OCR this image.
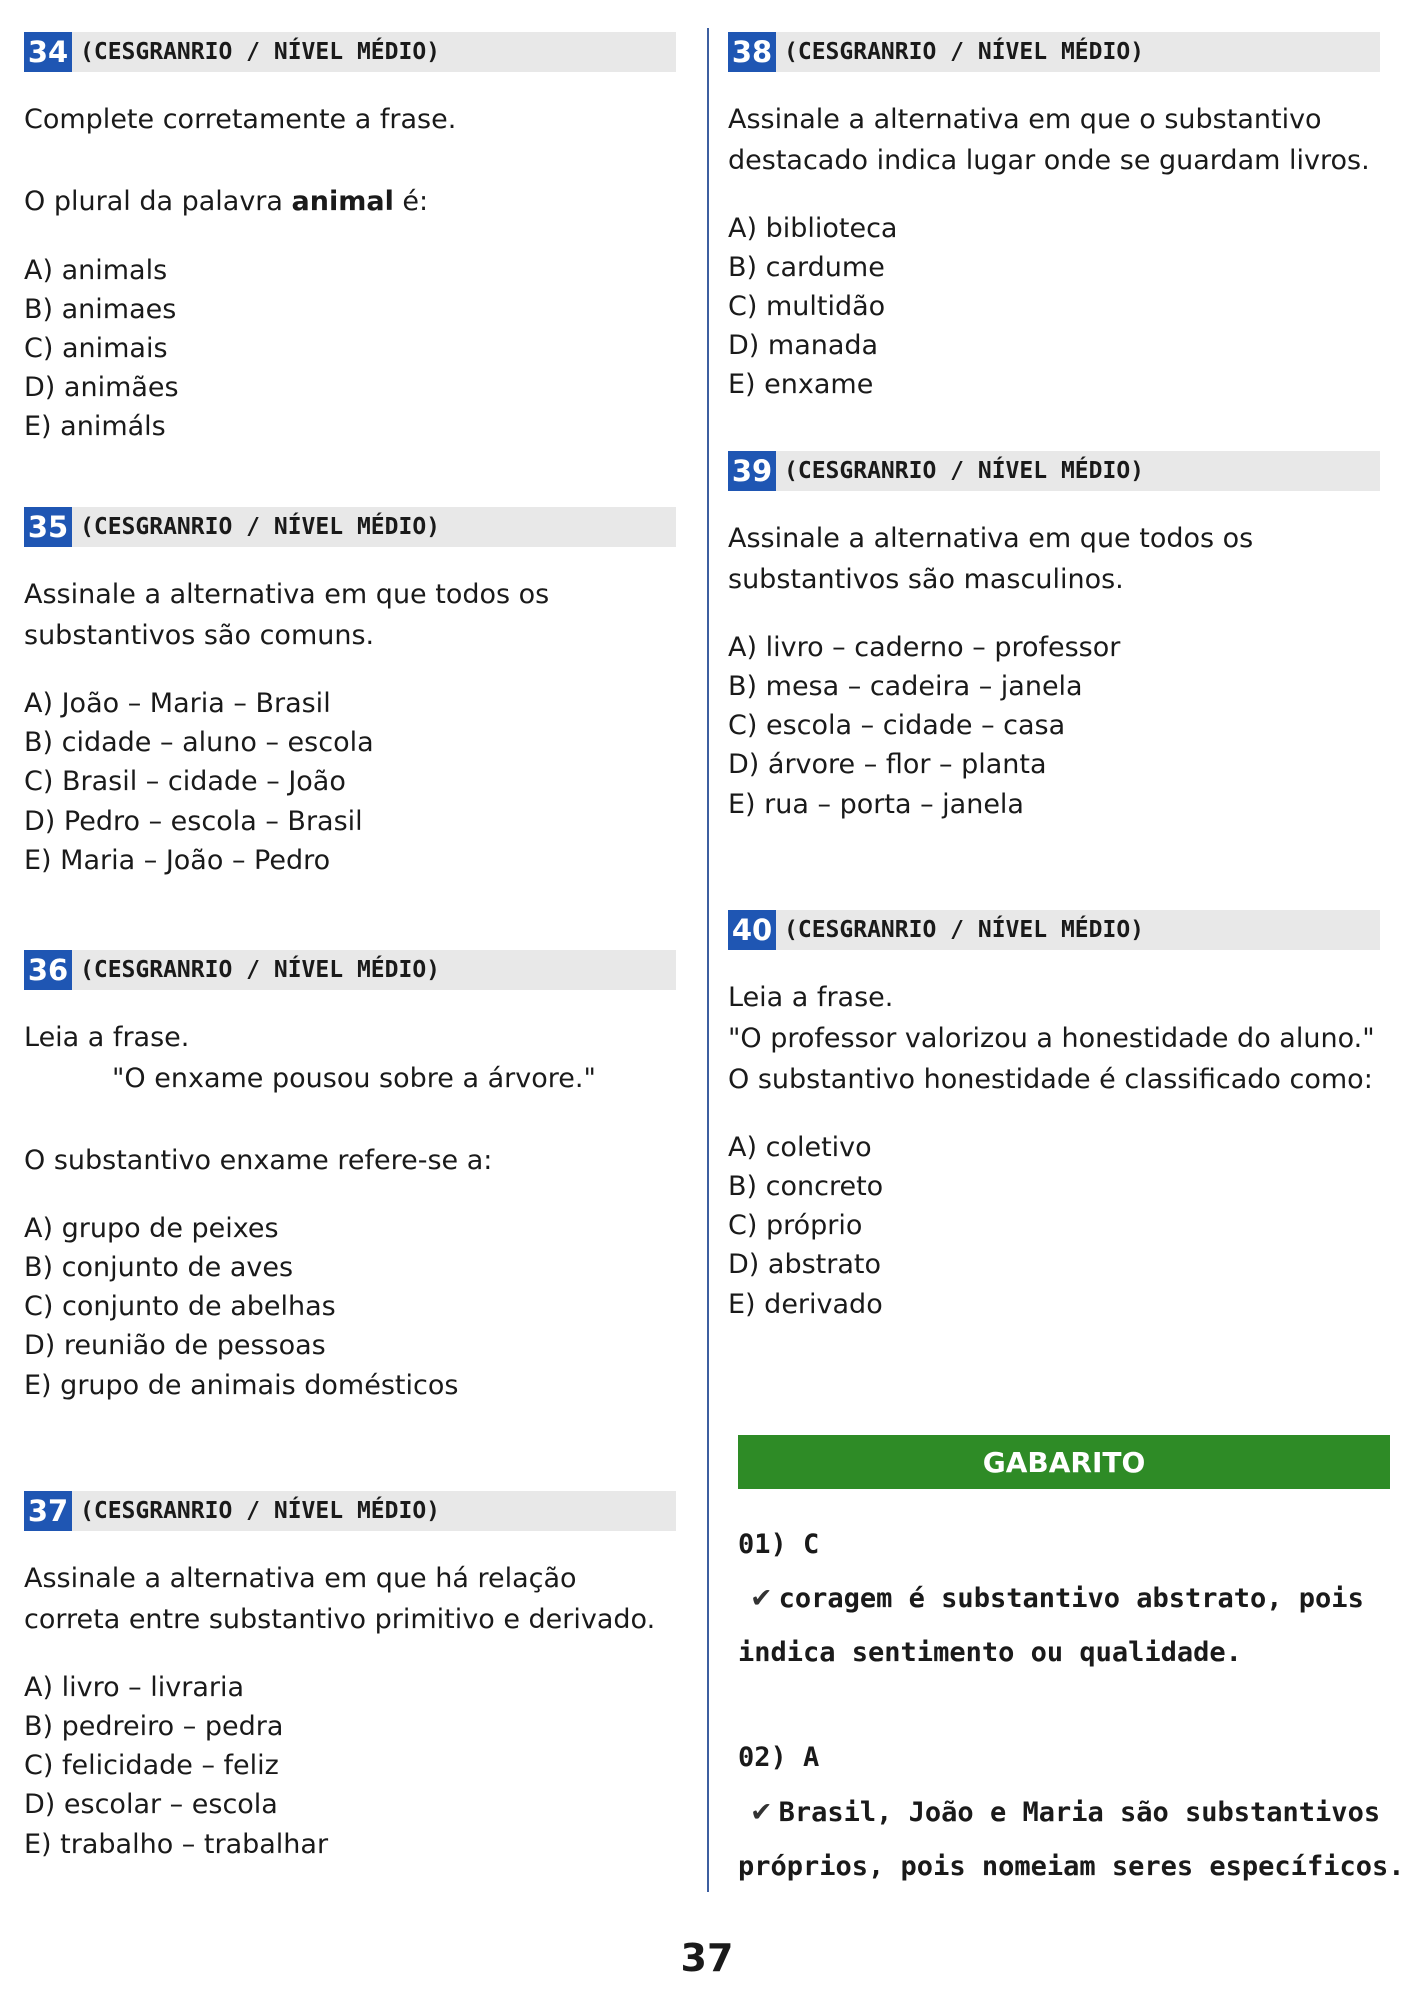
34 (CESGRANRIO / NÍVEL MÉDIO)
Complete corretamente a frase.
O plural da palavra animal é:
A) animals
B) animaes
C) animais
D) animães
E) animáls
35 (CESGRANRIO / NÍVEL MÉDIO)
Assinale a alternativa em que todos os
substantivos são comuns.
A) João – Maria – Brasil
B) cidade – aluno – escola
C) Brasil – cidade – João
D) Pedro – escola – Brasil
E) Maria – João – Pedro
36 (CESGRANRIO / NÍVEL MÉDIO)
Leia a frase.
"O enxame pousou sobre a árvore."
O substantivo enxame refere-se a:
A) grupo de peixes
B) conjunto de aves
C) conjunto de abelhas
D) reunião de pessoas
E) grupo de animais domésticos
37 (CESGRANRIO / NÍVEL MÉDIO)
Assinale a alternativa em que há relação
correta entre substantivo primitivo e derivado.
A) livro – livraria
B) pedreiro – pedra
C) felicidade – feliz
D) escolar – escola
E) trabalho – trabalhar
38 (CESGRANRIO / NÍVEL MÉDIO)
Assinale a alternativa em que o substantivo
destacado indica lugar onde se guardam livros.
A) biblioteca
B) cardume
C) multidão
D) manada
E) enxame
39 (CESGRANRIO / NÍVEL MÉDIO)
Assinale a alternativa em que todos os
substantivos são masculinos.
A) livro – caderno – professor
B) mesa – cadeira – janela
C) escola – cidade – casa
D) árvore – flor – planta
E) rua – porta – janela
40 (CESGRANRIO / NÍVEL MÉDIO)
Leia a frase.
"O professor valorizou a honestidade do aluno."
O substantivo honestidade é classificado como:
A) coletivo
B) concreto
C) próprio
D) abstrato
E) derivado
GABARITO
01) C
✔ coragem é substantivo abstrato, pois
indica sentimento ou qualidade.
02) A
✔ Brasil, João e Maria são substantivos
próprios, pois nomeiam seres específicos.
37
